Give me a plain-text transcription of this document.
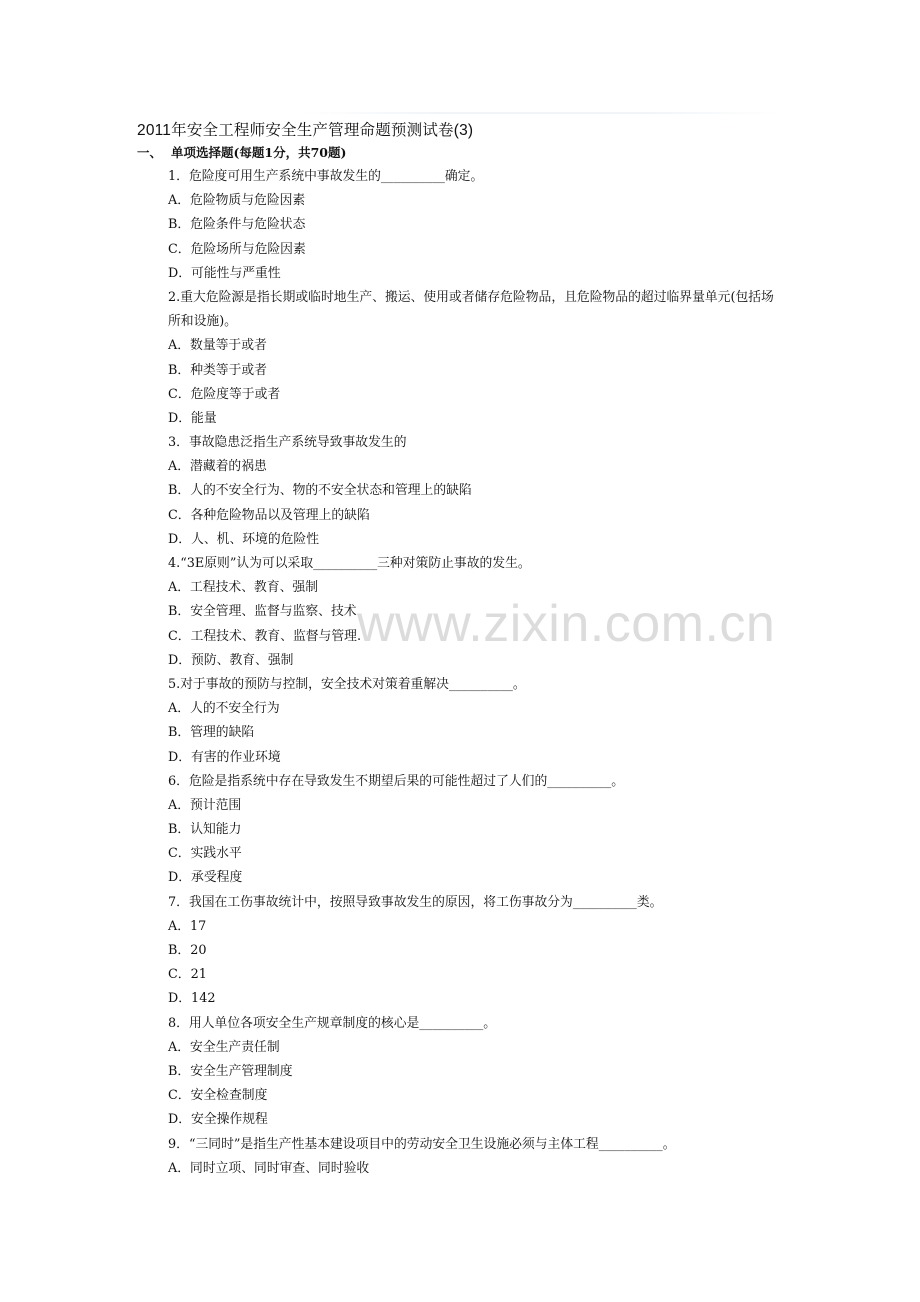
2011年安全工程师安全生产管理命题预测试卷(3)
一、 单项选择题(每题1分，共70题)
1．危险度可用生产系统中事故发生的__________确定。
A．危险物质与危险因素
B．危险条件与危险状态
C．危险场所与危险因素
D．可能性与严重性
2.重大危险源是指长期或临时地生产、搬运、使用或者储存危险物品，且危险物品的超过临界量单元(包括场所和设施)。
A．数量等于或者
B．种类等于或者
C．危险度等于或者
D．能量
3．事故隐患泛指生产系统导致事故发生的
A．潜藏着的祸患
B．人的不安全行为、物的不安全状态和管理上的缺陷
C．各种危险物品以及管理上的缺陷
D．人、机、环境的危险性
4.“3E原则”认为可以采取__________三种对策防止事故的发生。
A．工程技术、教育、强制
B．安全管理、监督与监察、技术
C．工程技术、教育、监督与管理.
D．预防、教育、强制
5.对于事故的预防与控制，安全技术对策着重解决__________。
A．人的不安全行为
B．管理的缺陷
D．有害的作业环境
6．危险是指系统中存在导致发生不期望后果的可能性超过了人们的__________。
A．预计范围
B．认知能力
C．实践水平
D．承受程度
7．我国在工伤事故统计中，按照导致事故发生的原因，将工伤事故分为__________类。
A．17
B．20
C．21
D．142
8．用人单位各项安全生产规章制度的核心是__________。
A．安全生产责任制
B．安全生产管理制度
C．安全检查制度
D．安全操作规程
9．“三同时”是指生产性基本建设项目中的劳动安全卫生设施必须与主体工程__________。
A．同时立项、同时审查、同时验收
www.zixin.com.cn
